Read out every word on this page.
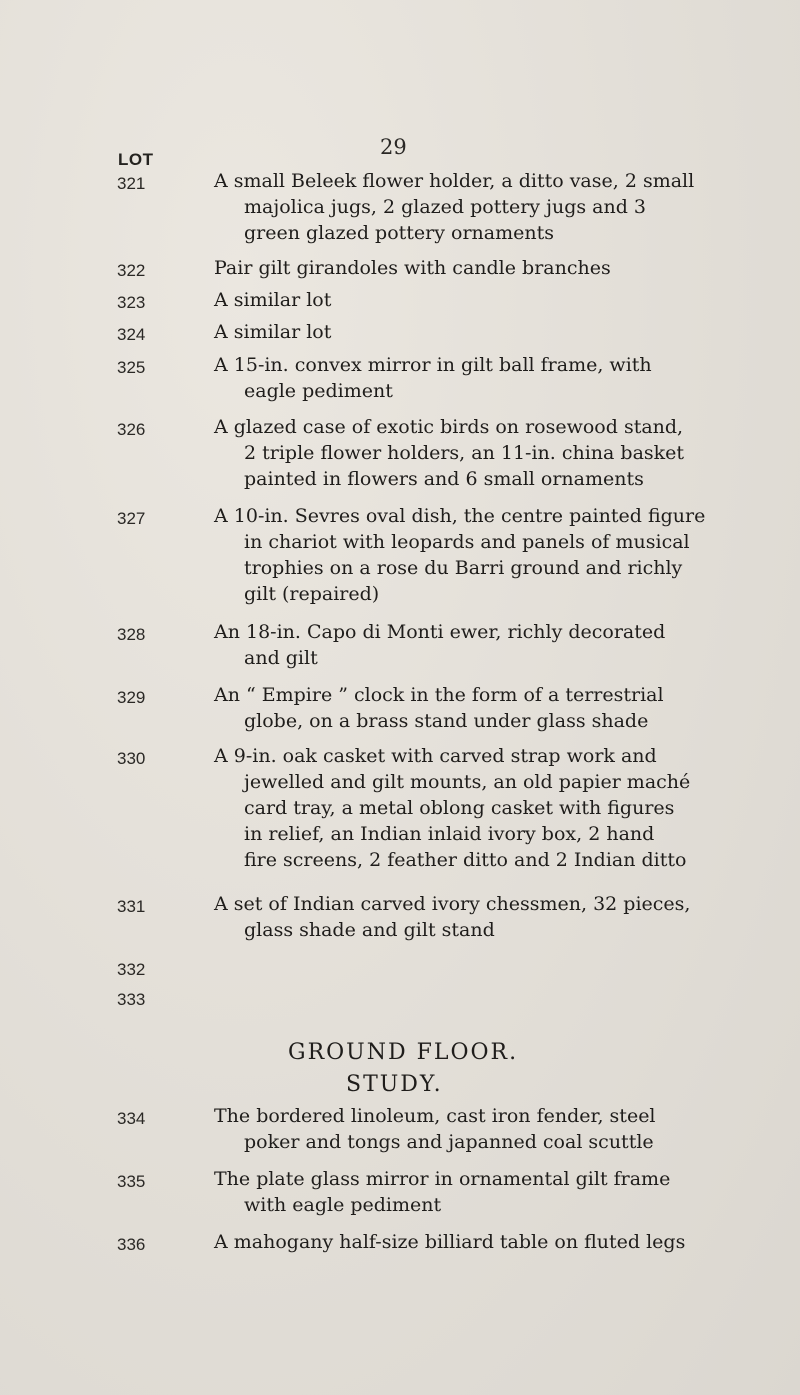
29
LOT
321	A small Beleek flower holder, a ditto vase, 2 small
majolica jugs, 2 glazed pottery jugs and 3
green glazed pottery ornaments
322	Pair gilt girandoles with candle branches
323	A similar lot
324	A similar lot
325	A 15-in. convex mirror in gilt ball frame, with
eagle pediment
326	A glazed case of exotic birds on rosewood stand,
2 triple flower holders, an 11-in. china basket
painted in flowers and 6 small ornaments
327	A 10-in. Sevres oval dish, the centre painted figure
in chariot with leopards and panels of musical
trophies on a rose du Barri ground and richly
gilt (repaired)
328	An 18-in. Capo di Monti ewer, richly decorated
and gilt
329	An “ Empire ” clock in the form of a terrestrial
globe, on a brass stand under glass shade
330	A 9-in. oak casket with carved strap work and
jewelled and gilt mounts, an old papier maché
card tray, a metal oblong casket with figures
in relief, an Indian inlaid ivory box, 2 hand
fire screens, 2 feather ditto and 2 Indian ditto
331	A set of Indian carved ivory chessmen, 32 pieces,
glass shade and gilt stand
332
333
GROUND FLOOR.
STUDY.
334	The bordered linoleum, cast iron fender, steel
poker and tongs and japanned coal scuttle
335	The plate glass mirror in ornamental gilt frame
with eagle pediment
336	A mahogany half-size billiard table on fluted legs
